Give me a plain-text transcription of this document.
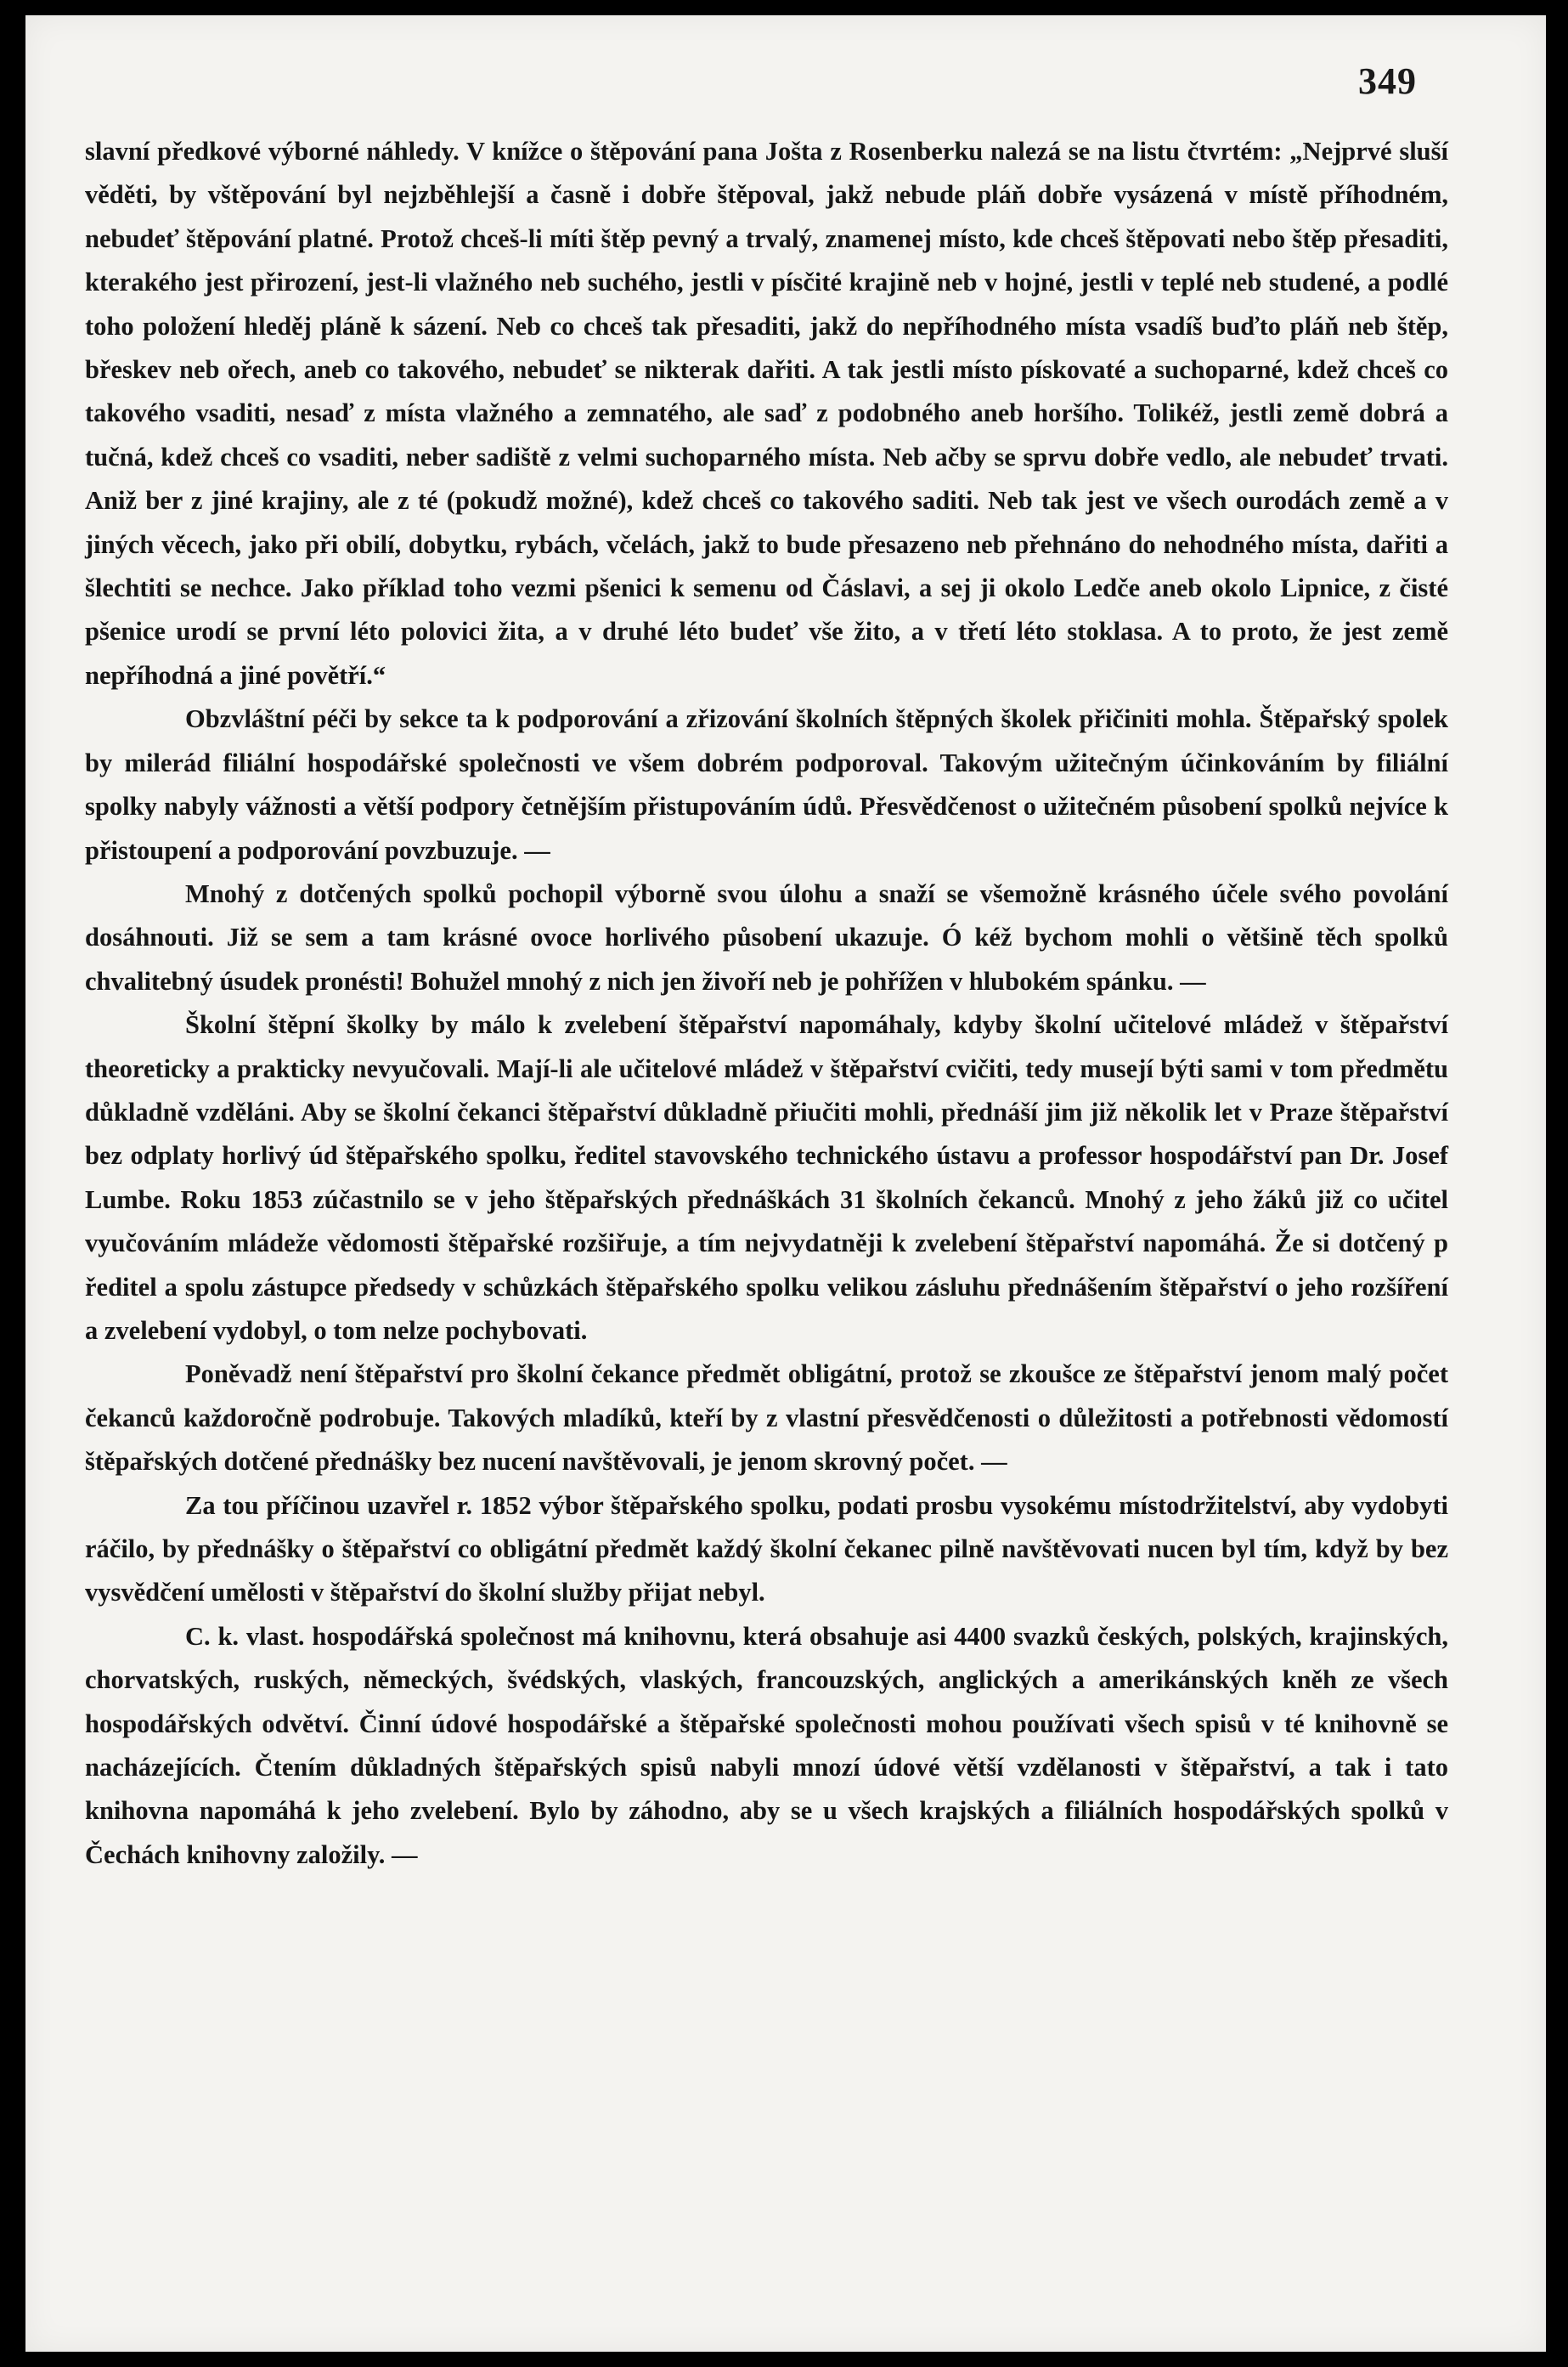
349

slavní předkové výborné náhledy. V knížce o štěpování pana Jošta z Rosenberku nalezá se na listu čtvrtém: „Nejprvé sluší věděti, by vštěpování byl nejzběhlejší a časně i dobře štěpoval, jakž nebude pláň dobře vysázená v místě příhodném, nebudeť štěpování platné. Protož chceš-li míti štěp pevný a trvalý, znamenej místo, kde chceš štěpovati nebo štěp přesaditi, kterakého jest přirození, jest-li vlažného neb suchého, jestli v písčité krajině neb v hojné, jestli v teplé neb studené, a podlé toho položení hleděj pláně k sázení. Neb co chceš tak přesaditi, jakž do nepříhodného místa vsadíš buďto pláň neb štěp, břeskev neb ořech, aneb co takového, nebudeť se nikterak dařiti. A tak jestli místo pískovaté a suchoparné, kdež chceš co takového vsaditi, nesaď z místa vlažného a zemnatého, ale saď z podobného aneb horšího. Tolikéž, jestli země dobrá a tučná, kdež chceš co vsaditi, neber sadiště z velmi suchoparného místa. Neb ačby se sprvu dobře vedlo, ale nebudeť trvati. Aniž ber z jiné krajiny, ale z té (pokudž možné), kdež chceš co takového saditi. Neb tak jest ve všech ourodách země a v jiných věcech, jako při obilí, dobytku, rybách, včelách, jakž to bude přesazeno neb přehnáno do nehodného místa, dařiti a šlechtiti se nechce. Jako příklad toho vezmi pšenici k semenu od Čáslavi, a sej ji okolo Ledče aneb okolo Lipnice, z čisté pšenice urodí se první léto polovici žita, a v druhé léto budeť vše žito, a v třetí léto stoklasa. A to proto, že jest země nepříhodná a jiné povětří.“

Obzvláštní péči by sekce ta k podporování a zřizování školních štěpných školek přičiniti mohla. Štěpařský spolek by milerád filiální hospodářské společnosti ve všem dobrém podporoval. Takovým užitečným účinkováním by filiální spolky nabyly vážnosti a větší podpory četnějším přistupováním údů. Přesvědčenost o užitečném působení spolků nejvíce k přistoupení a podporování povzbuzuje. —

Mnohý z dotčených spolků pochopil výborně svou úlohu a snaží se všemožně krásného účele svého povolání dosáhnouti. Již se sem a tam krásné ovoce horlivého působení ukazuje. Ó kéž bychom mohli o většině těch spolků chvalitebný úsudek pronésti! Bohužel mnohý z nich jen živoří neb je pohřížen v hlubokém spánku. —

Školní štěpní školky by málo k zvelebení štěpařství napomáhaly, kdyby školní učitelové mládež v štěpařství theoreticky a prakticky nevyučovali. Mají-li ale učitelové mládež v štěpařství cvičiti, tedy musejí býti sami v tom předmětu důkladně vzděláni. Aby se školní čekanci štěpařství důkladně přiučiti mohli, přednáší jim již několik let v Praze štěpařství bez odplaty horlivý úd štěpařského spolku, ředitel stavovského technického ústavu a professor hospodářství pan Dr. Josef Lumbe. Roku 1853 zúčastnilo se v jeho štěpařských přednáškách 31 školních čekanců. Mnohý z jeho žáků již co učitel vyučováním mládeže vědomosti štěpařské rozšiřuje, a tím nejvydatněji k zvelebení štěpařství napomáhá. Že si dotčený p ředitel a spolu zástupce předsedy v schůzkách štěpařského spolku velikou zásluhu přednášením štěpařství o jeho rozšíření a zvelebení vydobyl, o tom nelze pochybovati.

Poněvadž není štěpařství pro školní čekance předmět obligátní, protož se zkoušce ze štěpařství jenom malý počet čekanců každoročně podrobuje. Takových mladíků, kteří by z vlastní přesvědčenosti o důležitosti a potřebnosti vědomostí štěpařských dotčené přednášky bez nucení navštěvovali, je jenom skrovný počet. —

Za tou příčinou uzavřel r. 1852 výbor štěpařského spolku, podati prosbu vysokému místodržitelství, aby vydobyti ráčilo, by přednášky o štěpařství co obligátní předmět každý školní čekanec pilně navštěvovati nucen byl tím, když by bez vysvědčení umělosti v štěpařství do školní služby přijat nebyl.

C. k. vlast. hospodářská společnost má knihovnu, která obsahuje asi 4400 svazků českých, polských, krajinských, chorvatských, ruských, německých, švédských, vlaských, francouzských, anglických a amerikánských kněh ze všech hospodářských odvětví. Činní údové hospodářské a štěpařské společnosti mohou používati všech spisů v té knihovně se nacházejících. Čtením důkladných štěpařských spisů nabyli mnozí údové větší vzdělanosti v štěpařství, a tak i tato knihovna napomáhá k jeho zvelebení. Bylo by záhodno, aby se u všech krajských a filiálních hospodářských spolků v Čechách knihovny založily. —
